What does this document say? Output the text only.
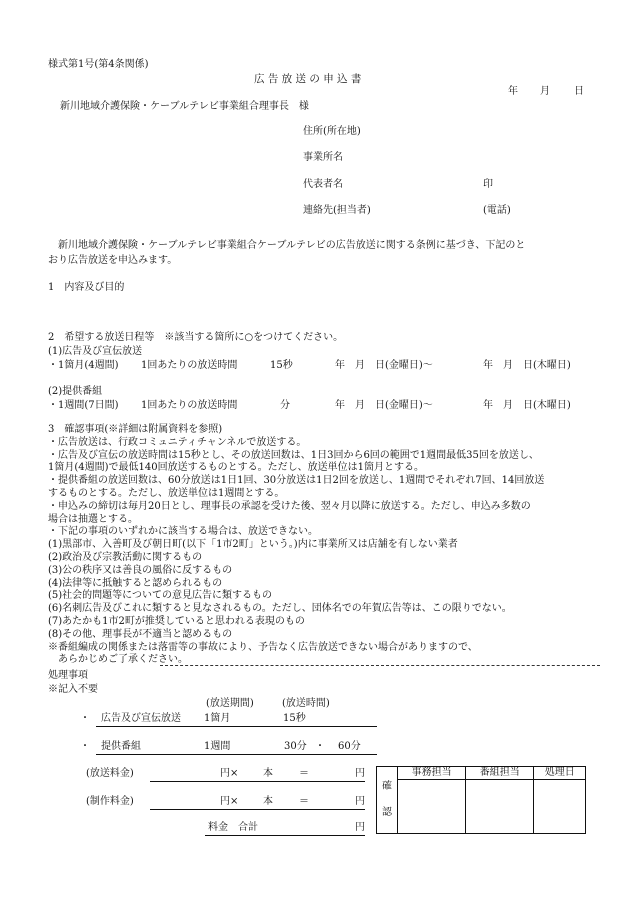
様式第1号(第4条関係)
広 告 放 送 の 申 込 書
年 月 日
新川地域介護保険・ケーブルテレビ事業組合理事長　様
住所(所在地)
事業所名
代表者名	印
連絡先(担当者)	(電話)
　新川地域介護保険・ケーブルテレビ事業組合ケーブルテレビの広告放送に関する条例に基づき、下記のと
おり広告放送を申込みます。
1　内容及び目的
2　希望する放送日程等　※該当する箇所に○をつけてください。
(1)広告及び宣伝放送
・1箇月(4週間) 1回あたりの放送時間	15秒	年　月　日(金曜日)～	年　月　日(木曜日)
(2)提供番組
・1週間(7日間) 1回あたりの放送時間	分	年　月　日(金曜日)～	年　月　日(木曜日)
3　確認事項(※詳細は附属資料を参照)
・広告放送は、行政コミュニティチャンネルで放送する。
・広告及び宣伝の放送時間は15秒とし、その放送回数は、1日3回から6回の範囲で1週間最低35回を放送し、
1箇月(4週間)で最低140回放送するものとする。ただし、放送単位は1箇月とする。
・提供番組の放送回数は、60分放送は1日1回、30分放送は1日2回を放送し、1週間でそれぞれ7回、14回放送
するものとする。ただし、放送単位は1週間とする。
・申込みの締切は毎月20日とし、理事長の承認を受けた後、翌々月以降に放送する。ただし、申込み多数の
場合は抽選とする。
・下記の事項のいずれかに該当する場合は、放送できない。
(1)黒部市、入善町及び朝日町(以下「1市2町」という。)内に事業所又は店舗を有しない業者
(2)政治及び宗教活動に関するもの
(3)公の秩序又は善良の風俗に反するもの
(4)法律等に抵触すると認められるもの
(5)社会的問題等についての意見広告に類するもの
(6)名刺広告及びこれに類すると見なされるもの。ただし、団体名での年賀広告等は、この限りでない。
(7)あたかも1市2町が推奨していると思われる表現のもの
(8)その他、理事長が不適当と認めるもの
※番組編成の関係または落雷等の事故により、予告なく広告放送できない場合がありますので、
　あらかじめご了承ください。
処理事項
※記入不要
(放送期間)	(放送時間)
・ 広告及び宣伝放送 1箇月	15秒
・ 提供番組	1週間	30分 ・ 60分
(放送料金)	円× 本	＝	円
(制作料金)	円× 本	＝	円
料金　合計	円
確
認	事務担当	番組担当	処理日
